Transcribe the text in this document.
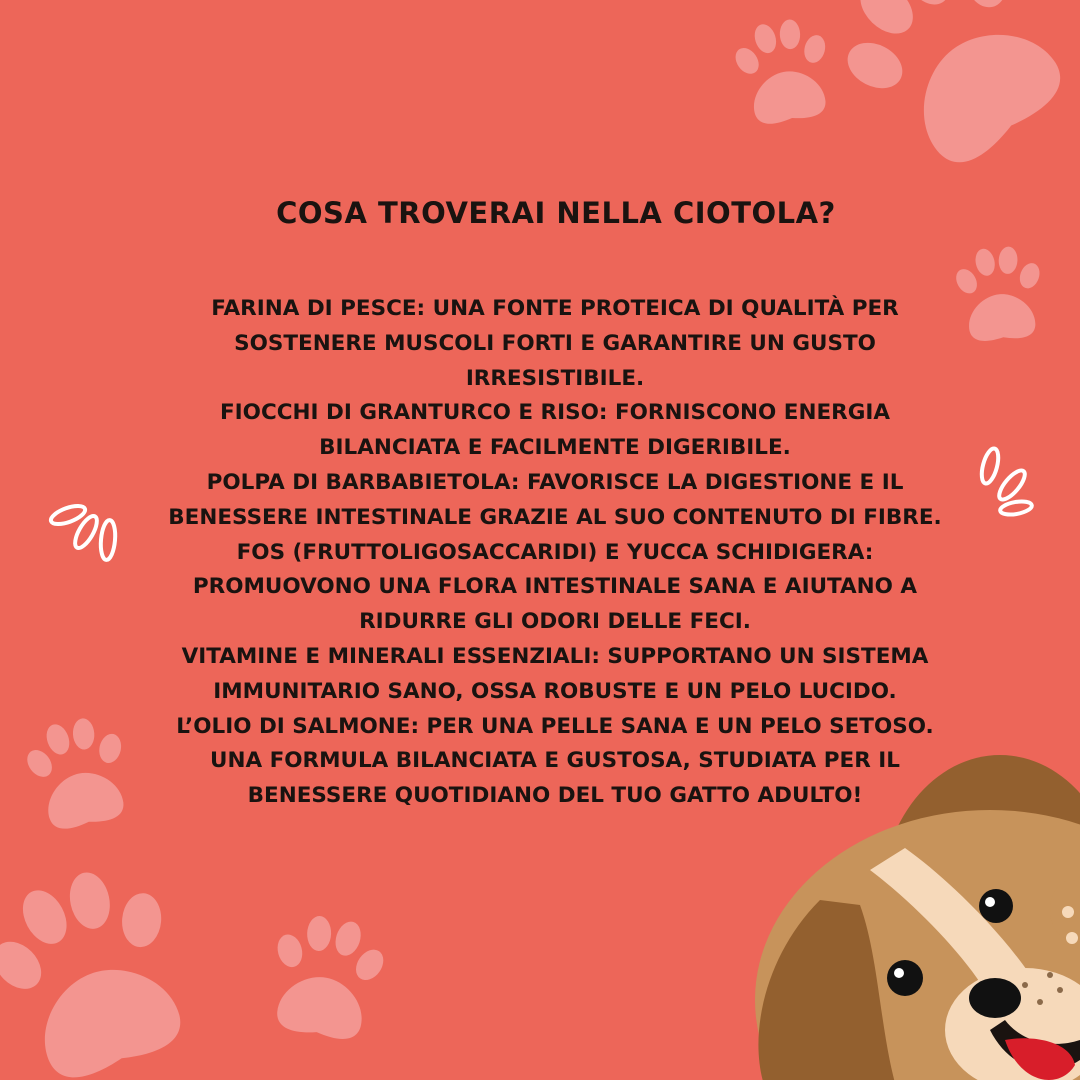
COSA TROVERAI NELLA CIOTOLA?
FARINA DI PESCE: UNA FONTE PROTEICA DI QUALITÀ PER
SOSTENERE MUSCOLI FORTI E GARANTIRE UN GUSTO
IRRESISTIBILE.
FIOCCHI DI GRANTURCO E RISO: FORNISCONO ENERGIA
BILANCIATA E FACILMENTE DIGERIBILE.
POLPA DI BARBABIETOLA: FAVORISCE LA DIGESTIONE E IL
BENESSERE INTESTINALE GRAZIE AL SUO CONTENUTO DI FIBRE.
FOS (FRUTTOLIGOSACCARIDI) E YUCCA SCHIDIGERA:
PROMUOVONO UNA FLORA INTESTINALE SANA E AIUTANO A
RIDURRE GLI ODORI DELLE FECI.
VITAMINE E MINERALI ESSENZIALI: SUPPORTANO UN SISTEMA
IMMUNITARIO SANO, OSSA ROBUSTE E UN PELO LUCIDO.
L’OLIO DI SALMONE: PER UNA PELLE SANA E UN PELO SETOSO.
UNA FORMULA BILANCIATA E GUSTOSA, STUDIATA PER IL
BENESSERE QUOTIDIANO DEL TUO GATTO ADULTO!
